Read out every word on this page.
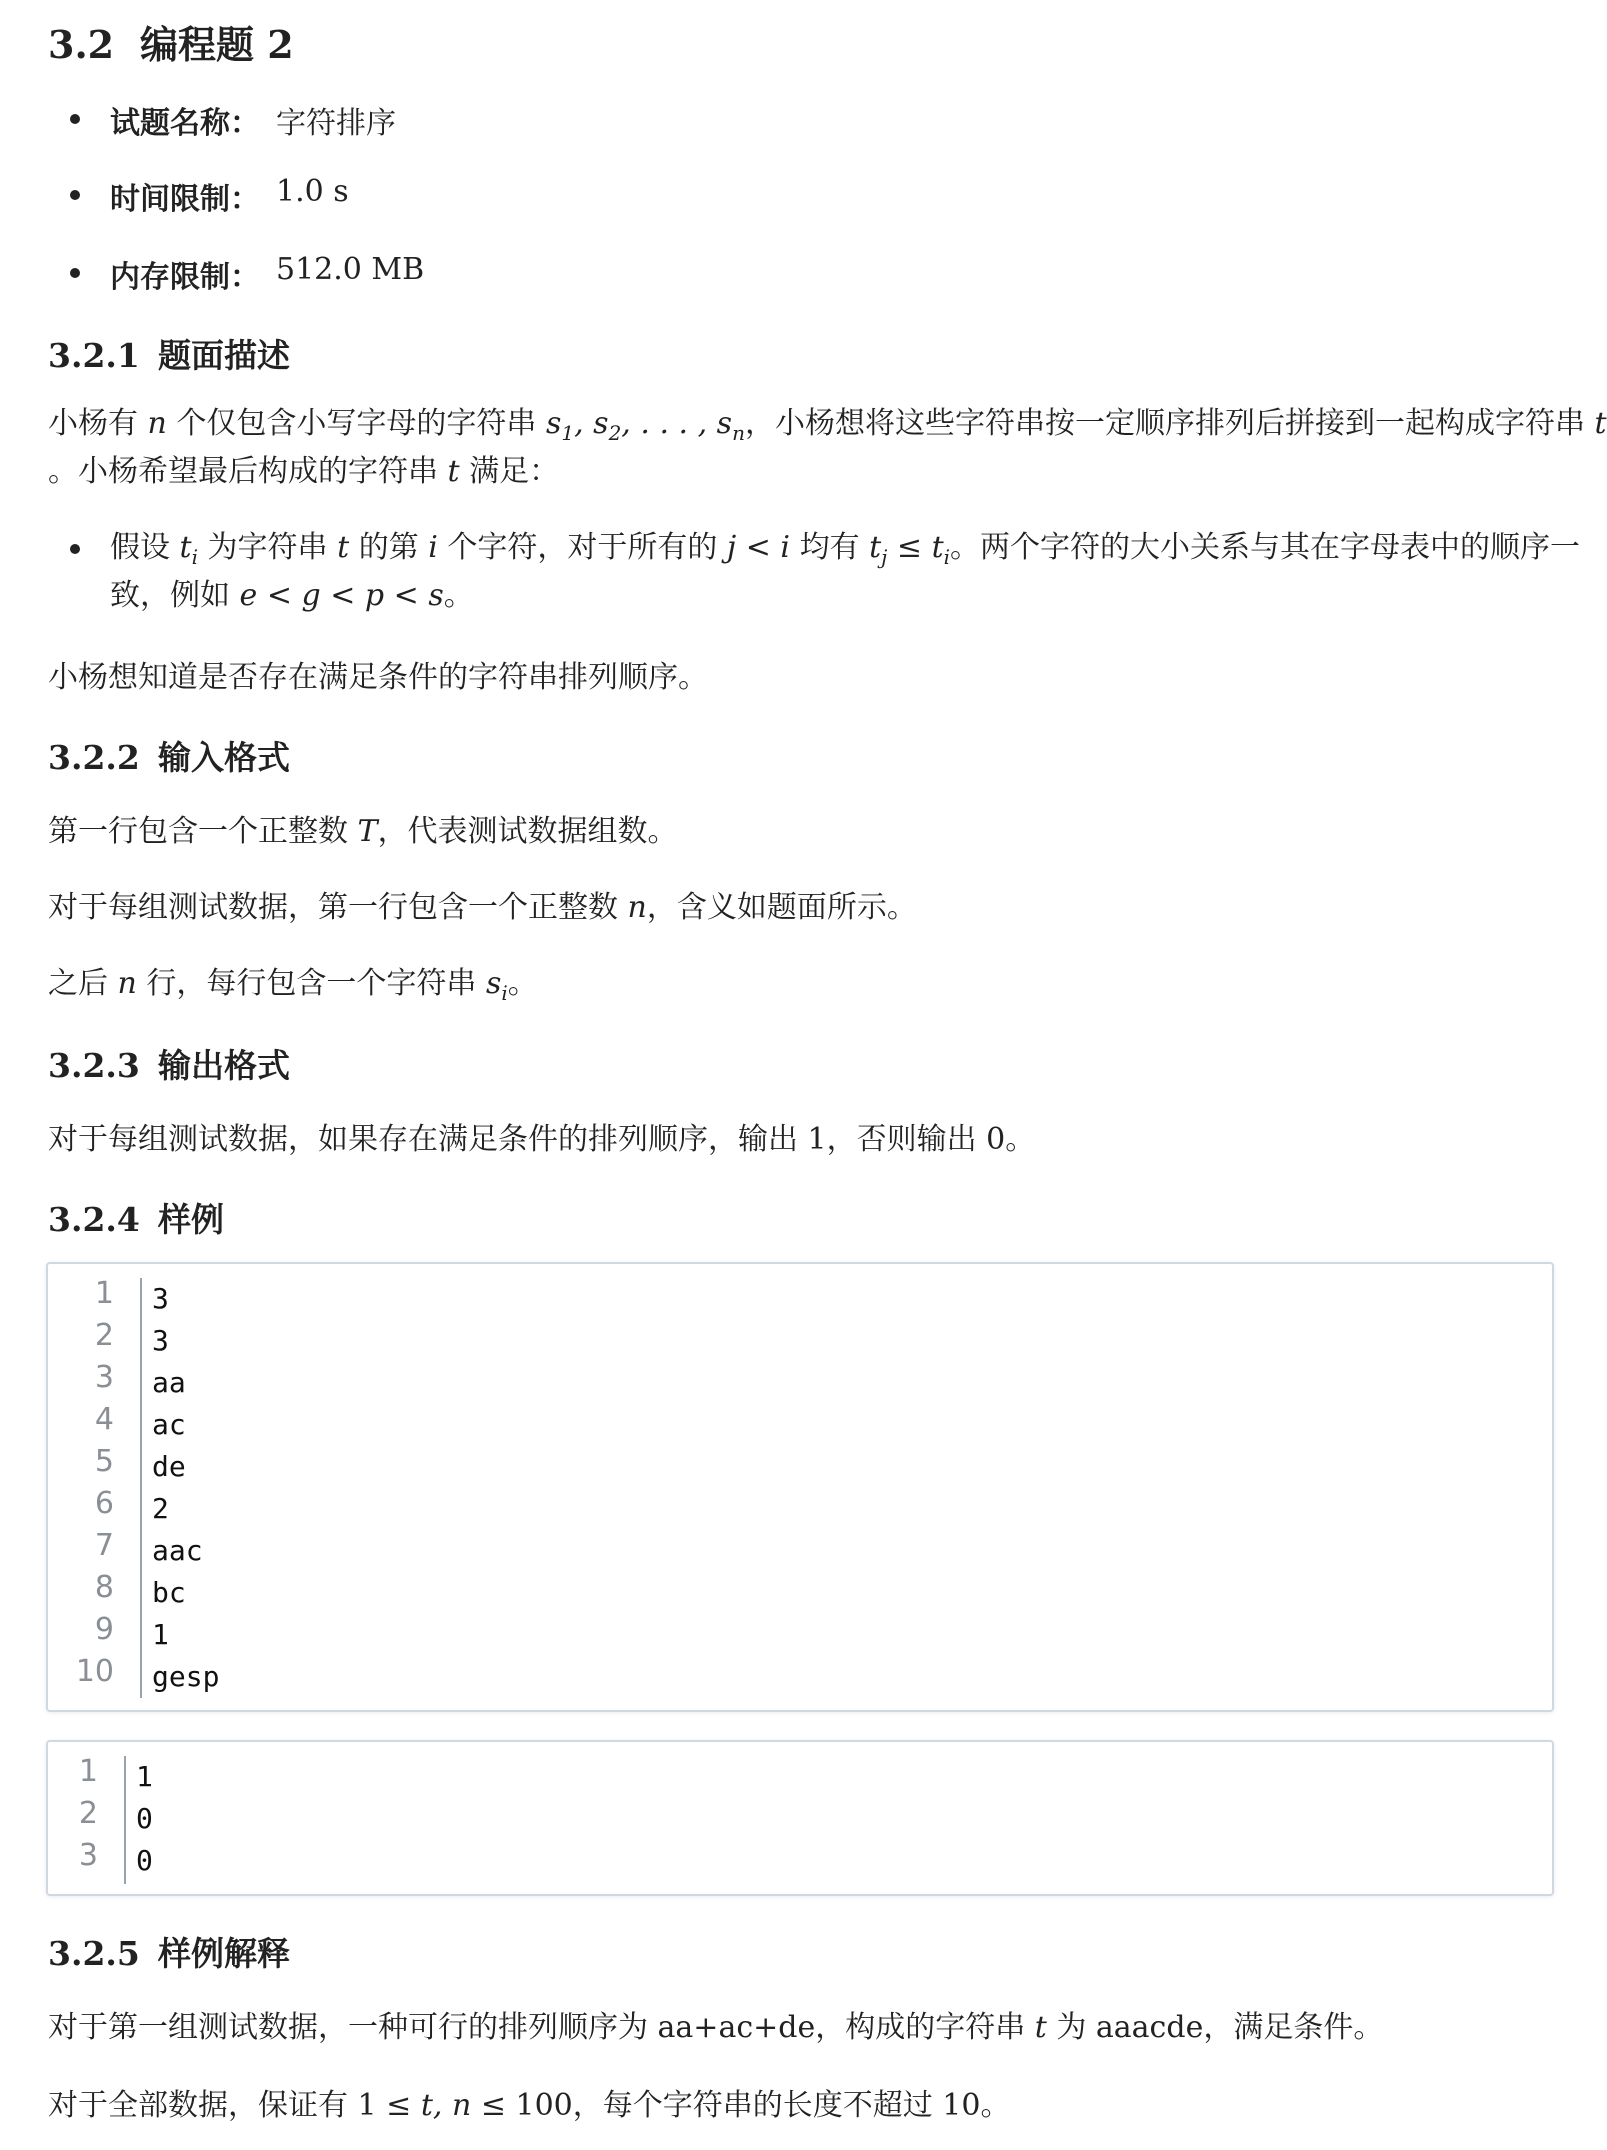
3.2 编程题 2
试题名称： 字符排序
时间限制： 1.0 s
内存限制： 512.0 MB
3.2.1 题面描述
小杨有 n 个仅包含小写字母的字符串 $s_1$, $s_2$, . . . , $s_n$，小杨想将这些字符串按一定顺序排列后拼接到一起构成字符串 t
。小杨希望最后构成的字符串 t 满足：
假设 $t_i$ 为字符串 t 的第 i 个字符，对于所有的 j < i 均有 $t_j \le t_i$。两个字符的大小关系与其在字母表中的顺序一
致，例如 e < g < p < s。
小杨想知道是否存在满足条件的字符串排列顺序。
3.2.2 输入格式
第一行包含一个正整数 T，代表测试数据组数。
对于每组测试数据，第一行包含一个正整数 n，含义如题面所示。
之后 n 行，每行包含一个字符串 $s_i$。
3.2.3 输出格式
对于每组测试数据，如果存在满足条件的排列顺序，输出 1，否则输出 0。
3.2.4 样例
1 3
2 3
3 aa
4 ac
5 de
6 2
7 aac
8 bc
9 1
10 gesp
1 1
2 0
3 0
3.2.5 样例解释
对于第一组测试数据，一种可行的排列顺序为 aa+ac+de，构成的字符串 t 为 aaacde，满足条件。
对于全部数据，保证有 1 ≤ t, n ≤ 100，每个字符串的长度不超过 10。
